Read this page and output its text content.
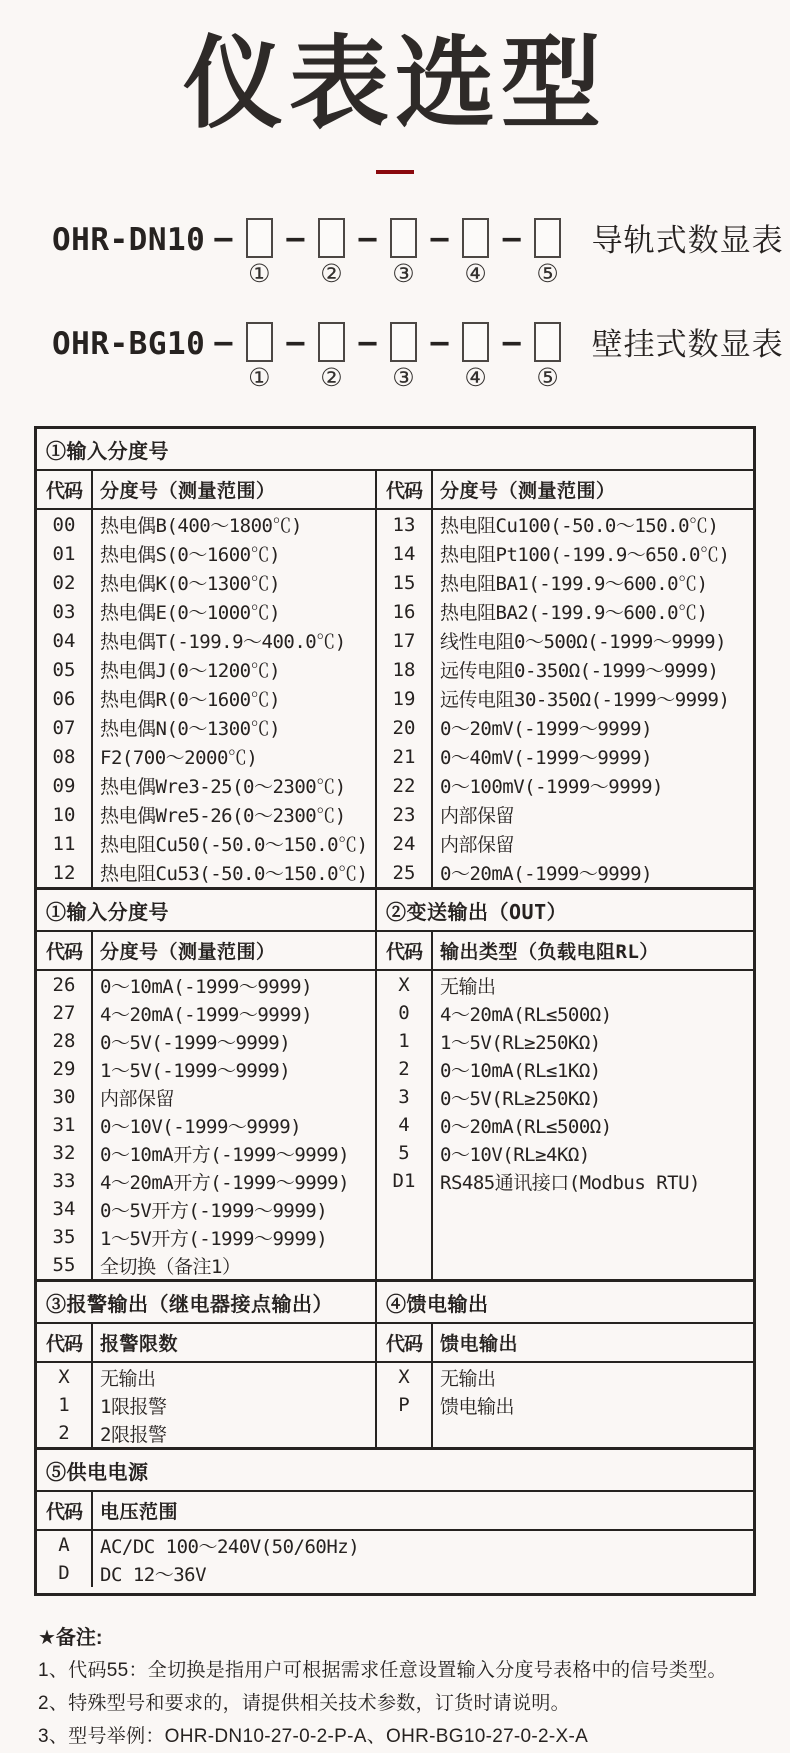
仪表选型
OHR-DN10 –
①
–
②
–
③
–
④
–
⑤
导轨式数显表
OHR-BG10 –
①
–
②
–
③
–
④
–
⑤
壁挂式数显表
①输入分度号
代码 分度号（测量范围）
00
01
02
03
04
05
06
07
08
09
10
11
12
热电偶B(400～1800℃)
热电偶S(0～1600℃)
热电偶K(0～1300℃)
热电偶E(0～1000℃)
热电偶T(-199.9～400.0℃)
热电偶J(0～1200℃)
热电偶R(0～1600℃)
热电偶N(0～1300℃)
F2(700～2000℃)
热电偶Wre3-25(0～2300℃)
热电偶Wre5-26(0～2300℃)
热电阻Cu50(-50.0～150.0℃)
热电阻Cu53(-50.0～150.0℃)
代码 分度号（测量范围）
13
14
15
16
17
18
19
20
21
22
23
24
25
热电阻Cu100(-50.0～150.0℃)
热电阻Pt100(-199.9～650.0℃)
热电阻BA1(-199.9～600.0℃)
热电阻BA2(-199.9～600.0℃)
线性电阻0～500Ω(-1999～9999)
远传电阻0-350Ω(-1999～9999)
远传电阻30-350Ω(-1999～9999)
0～20mV(-1999～9999)
0～40mV(-1999～9999)
0～100mV(-1999～9999)
内部保留
内部保留
0～20mA(-1999～9999)
①输入分度号	②变送输出（OUT）
代码 分度号（测量范围）
26
27
28
29
30
31
32
33
34
35
55
0～10mA(-1999～9999)
4～20mA(-1999～9999)
0～5V(-1999～9999)
1～5V(-1999～9999)
内部保留
0～10V(-1999～9999)
0～10mA开方(-1999～9999)
4～20mA开方(-1999～9999)
0～5V开方(-1999～9999)
1～5V开方(-1999～9999)
全切换（备注1）
代码 输出类型（负载电阻RL）
X
0
1
2
3
4
5
D1
无输出
4～20mA(RL≤500Ω)
1～5V(RL≥250KΩ)
0～10mA(RL≤1KΩ)
0～5V(RL≥250KΩ)
0～20mA(RL≤500Ω)
0～10V(RL≥4KΩ)
RS485通讯接口(Modbus RTU)
③报警输出（继电器接点输出）	④馈电输出
代码 报警限数
X
1
2
无输出
1限报警
2限报警
代码 馈电输出
X
P
无输出
馈电输出
⑤供电电源
代码 电压范围
A
D
AC/DC 100～240V(50/60Hz)
DC 12～36V
★备注:
1、代码55：全切换是指用户可根据需求任意设置输入分度号表格中的信号类型。
2、特殊型号和要求的，请提供相关技术参数，订货时请说明。
3、型号举例：OHR-DN10-27-0-2-P-A、OHR-BG10-27-0-2-X-A
